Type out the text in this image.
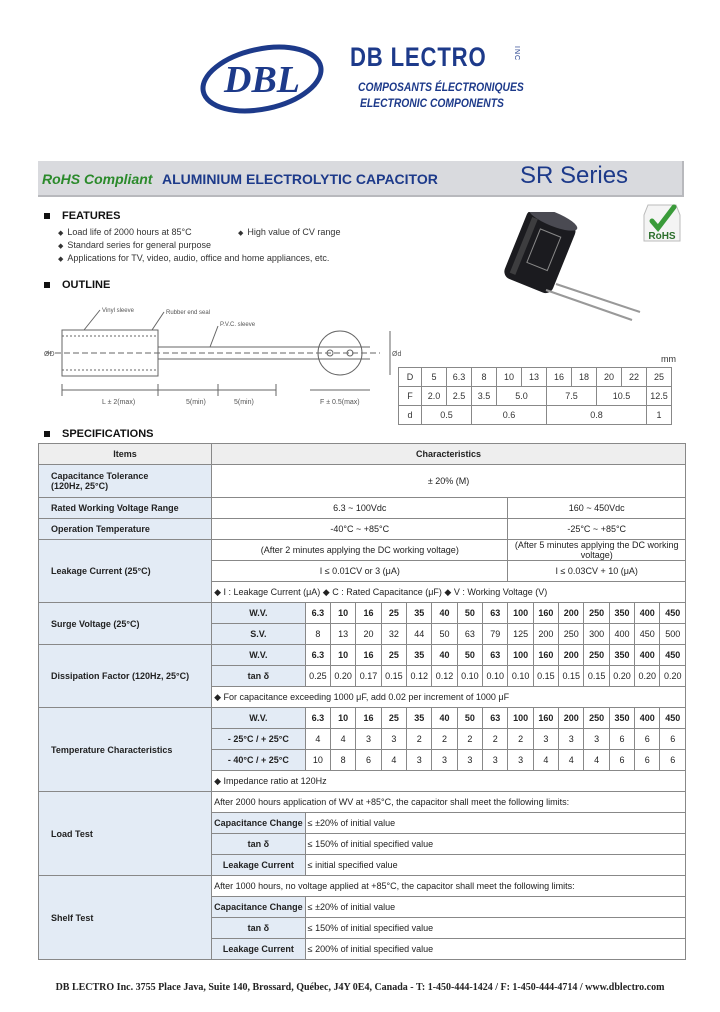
DBL
DB LECTRO	INC
COMPOSANTS ÉLECTRONIQUES
ELECTRONIC COMPONENTS
RoHS Compliant ALUMINIUM ELECTROLYTIC CAPACITOR	SR Series
RoHS
FEATURES
◆ Load life of 2000 hours at 85°C	◆ High value of CV range
◆ Standard series for general purpose
◆ Applications for TV, video, audio, office and home appliances, etc.
OUTLINE
Vinyl sleeve	Rubber end seal
P.V.C. sleeve
ØD
L ± 2(max)	5(min)	5(min)	F ± 0.5(max)
Ød	mm
D	5	6.3	8	10	13	16	18	20	22	25
F	2.0	2.5	3.5	5.0		7.5		10.5		12.5
d	0.5		0.6			0.8				1
SPECIFICATIONS
Items	Characteristics															

Capacitance Tolerance
(120Hz, 25°C)	± 20% (M)															
Rated Working Voltage Range	6.3 ~ 100Vdc									160 ~ 450Vdc						
Operation Temperature	-40°C ~ +85°C									-25°C ~ +85°C						
Leakage Current (25°C)	(After 2 minutes applying the DC working voltage)									(After 5 minutes applying the DC working voltage)						
	I ≤ 0.01CV or 3 (μA)									I ≤ 0.03CV + 10 (μA)						
	◆ I : Leakage Current (μA) ◆ C : Rated Capacitance (μF) ◆ V : Working Voltage (V)															
Surge Voltage (25°C)	W.V.	6.3	10	16	25	35	40	50	63	100	160	200	250	350	400	450
	S.V.	8	13	20	32	44	50	63	79	125	200	250	300	400	450	500
Dissipation Factor (120Hz, 25°C)	W.V.	6.3	10	16	25	35	40	50	63	100	160	200	250	350	400	450
	tan δ	0.25	0.20	0.17	0.15	0.12	0.12	0.10	0.10	0.10	0.15	0.15	0.15	0.20	0.20	0.20
	◆ For capacitance exceeding 1000 μF, add 0.02 per increment of 1000 μF															
Temperature Characteristics	W.V.	6.3	10	16	25	35	40	50	63	100	160	200	250	350	400	450
	- 25°C / + 25°C	4	4	3	3	2	2	2	2	2	3	3	3	6	6	6
	- 40°C / + 25°C	10	8	6	4	3	3	3	3	3	4	4	4	6	6	6
	◆ Impedance ratio at 120Hz															
Load Test	After 2000 hours application of WV at +85°C, the capacitor shall meet the following limits:															
	Capacitance Change	≤ ±20% of initial value														
	tan δ	≤ 150% of initial specified value														
	Leakage Current	≤ initial specified value														
Shelf Test	After 1000 hours, no voltage applied at +85°C, the capacitor shall meet the following limits:															
	Capacitance Change	≤ ±20% of initial value														
	tan δ	≤ 150% of initial specified value														
	Leakage Current	≤ 200% of initial specified value														
DB LECTRO Inc. 3755 Place Java, Suite 140, Brossard, Québec, J4Y 0E4, Canada - T: 1-450-444-1424 / F: 1-450-444-4714 / www.dblectro.com
